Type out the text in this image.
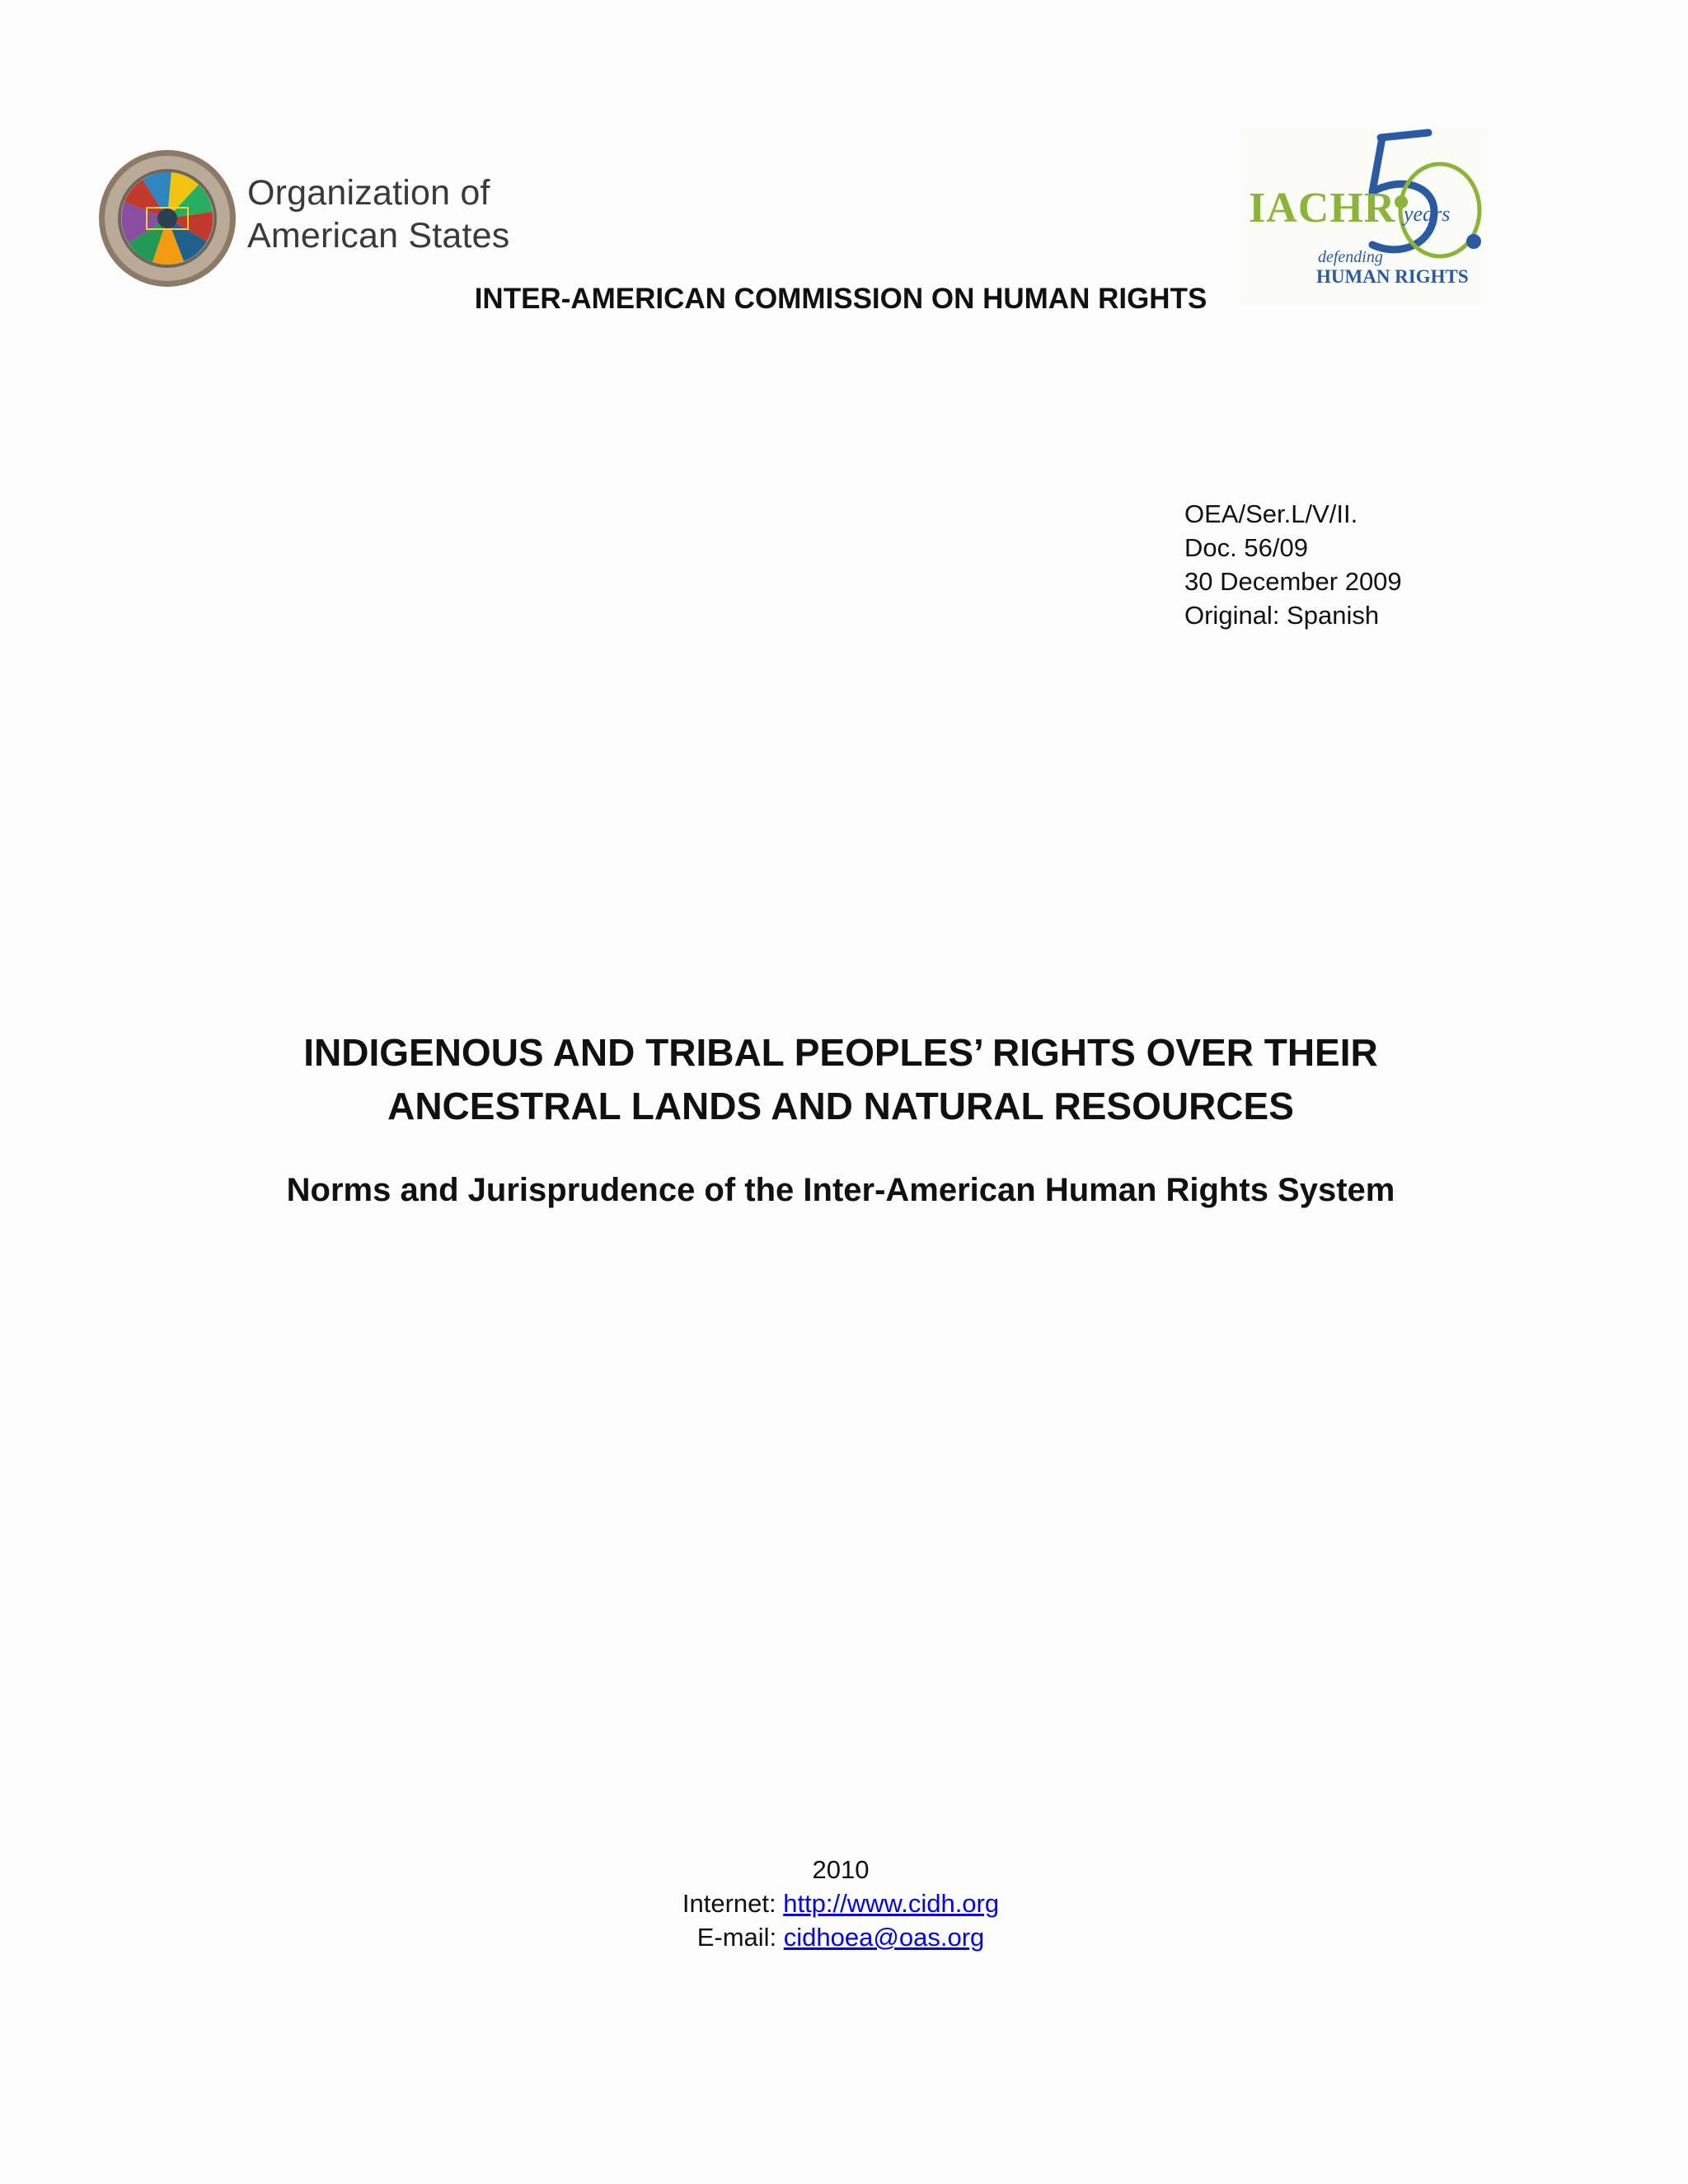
Organization of
American States
IACHR years
defending
HUMAN RIGHTS
INTER-AMERICAN COMMISSION ON HUMAN RIGHTS
OEA/Ser.L/V/II.
Doc. 56/09
30 December 2009
Original: Spanish
INDIGENOUS AND TRIBAL PEOPLES’ RIGHTS OVER THEIR
ANCESTRAL LANDS AND NATURAL RESOURCES
Norms and Jurisprudence of the Inter-American Human Rights System
2010
Internet: http://www.cidh.org
E-mail: cidhoea@oas.org
